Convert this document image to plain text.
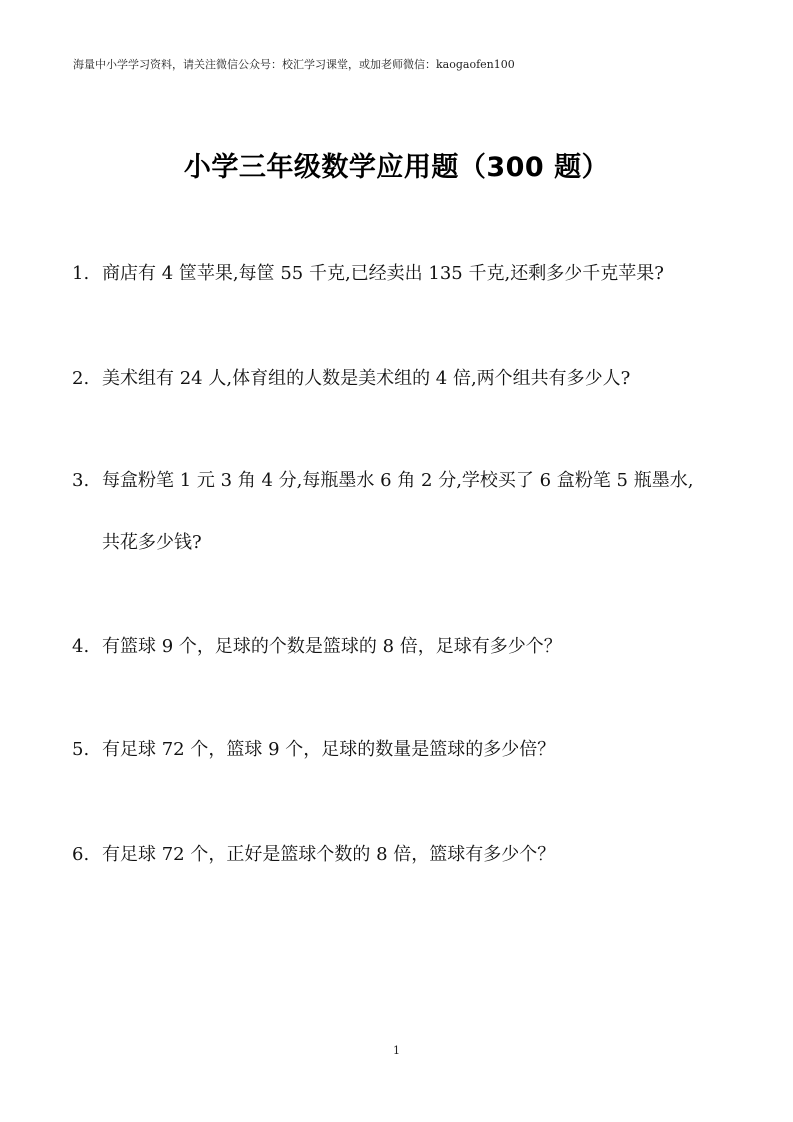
海量中小学学习资料，请关注微信公众号：校汇学习课堂，或加老师微信：kaogaofen100
小学三年级数学应用题（300 题）
1. 商店有 4 筐苹果,每筐 55 千克,已经卖出 135 千克,还剩多少千克苹果?
2. 美术组有 24 人,体育组的人数是美术组的 4 倍,两个组共有多少人?
3. 每盒粉笔 1 元 3 角 4 分,每瓶墨水 6 角 2 分,学校买了 6 盒粉笔 5 瓶墨水,
共花多少钱?
4. 有篮球 9 个，足球的个数是篮球的 8 倍，足球有多少个？
5. 有足球 72 个，篮球 9 个，足球的数量是篮球的多少倍？
6. 有足球 72 个，正好是篮球个数的 8 倍，篮球有多少个？
1
